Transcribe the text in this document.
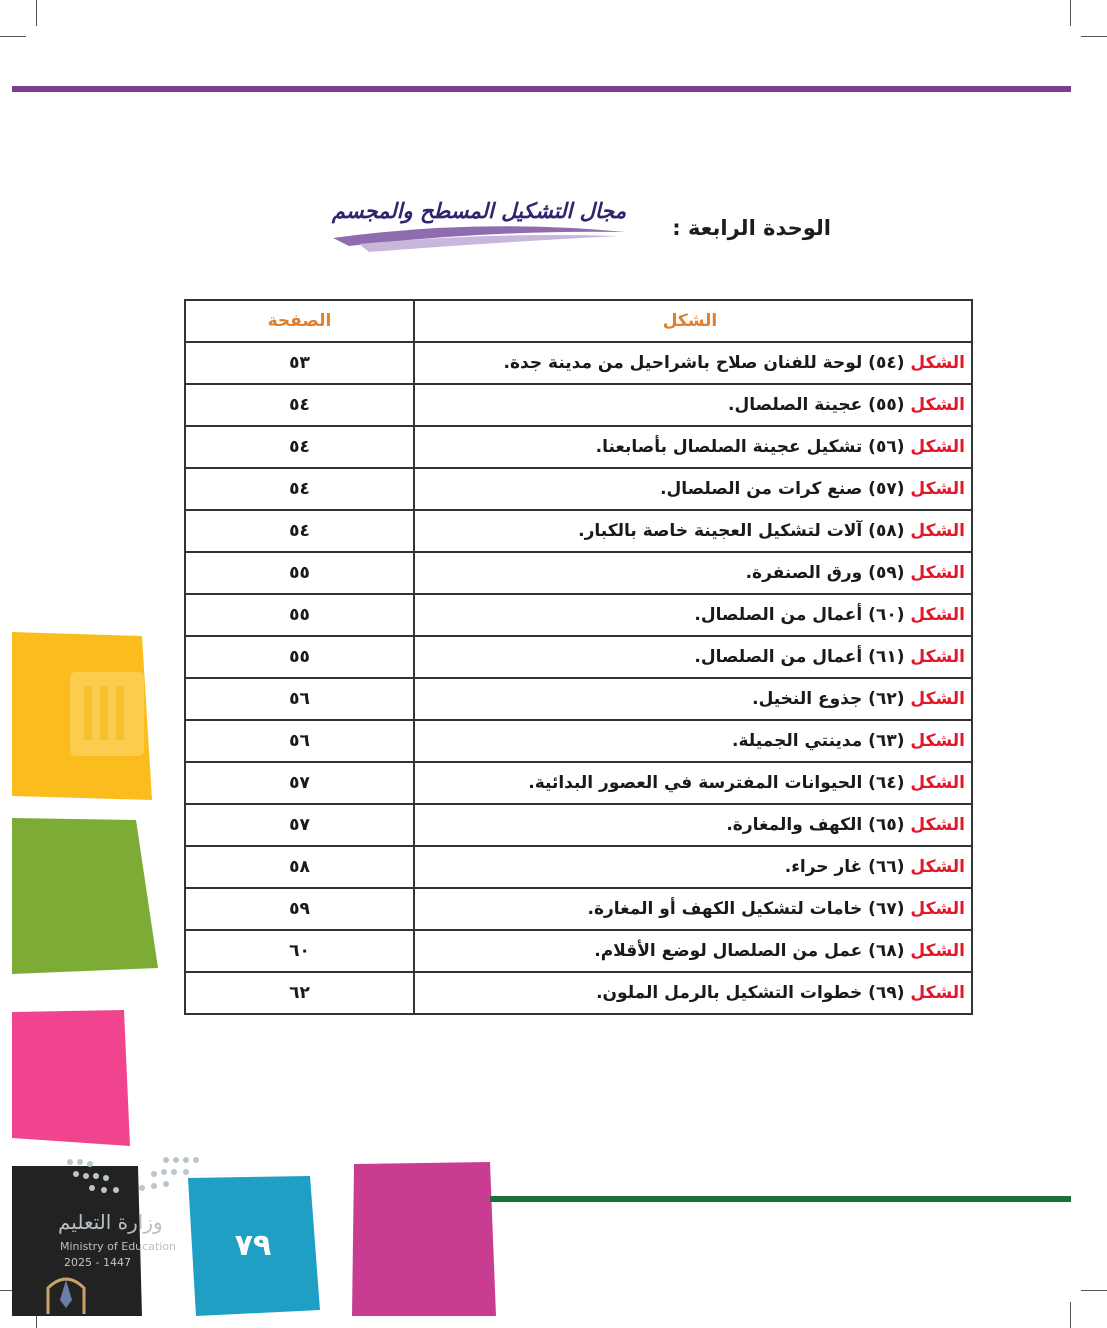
الوحدة الرابعة :
مجال التشكيل المسطح والمجسم
الشكل	الصفحة
الشكل (٥٤) لوحة للفنان صلاح باشراحيل من مدينة جدة.	٥٣
الشكل (٥٥) عجينة الصلصال.	٥٤
الشكل (٥٦) تشكيل عجينة الصلصال بأصابعنا.	٥٤
الشكل (٥٧) صنع كرات من الصلصال.	٥٤
الشكل (٥٨) آلات لتشكيل العجينة خاصة بالكبار.	٥٤
الشكل (٥٩) ورق الصنفرة.	٥٥
الشكل (٦٠) أعمال من الصلصال.	٥٥
الشكل (٦١) أعمال من الصلصال.	٥٥
الشكل (٦٢) جذوع النخيل.	٥٦
الشكل (٦٣) مدينتي الجميلة.	٥٦
الشكل (٦٤) الحيوانات المفترسة في العصور البدائية.	٥٧
الشكل (٦٥) الكهف والمغارة.	٥٧
الشكل (٦٦) غار حراء.	٥٨
الشكل (٦٧) خامات لتشكيل الكهف أو المغارة.	٥٩
الشكل (٦٨) عمل من الصلصال لوضع الأقلام.	٦٠
الشكل (٦٩) خطوات التشكيل بالرمل الملون.	٦٢
٧٩
وزارة التعليم
Ministry of Education
2025 - 1447
